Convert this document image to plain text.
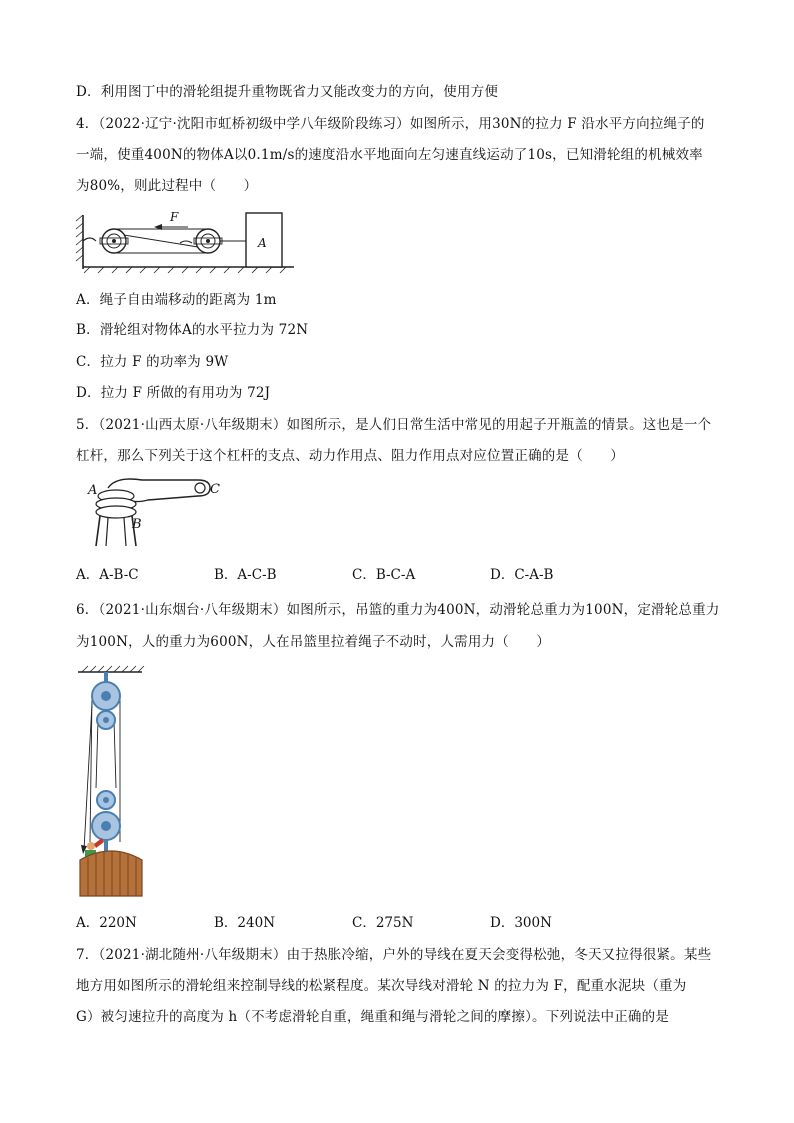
D．利用图丁中的滑轮组提升重物既省力又能改变力的方向，使用方便
4．（2022·辽宁·沈阳市虹桥初级中学八年级阶段练习）如图所示，用30N的拉力 F 沿水平方向拉绳子的
一端，使重400N的物体A以0.1m/s的速度沿水平地面向左匀速直线运动了10s，已知滑轮组的机械效率
为80%，则此过程中（　　）
F
A
A．绳子自由端移动的距离为 1m
B．滑轮组对物体A的水平拉力为 72N
C．拉力 F 的功率为 9W
D．拉力 F 所做的有用功为 72J
5．（2021·山西太原·八年级期末）如图所示，是人们日常生活中常见的用起子开瓶盖的情景。这也是一个
杠杆，那么下列关于这个杠杆的支点、动力作用点、阻力作用点对应位置正确的是（　　）
A
B
C
A．A-B-C	B．A-C-B	C．B-C-A	D．C-A-B
6．（2021·山东烟台·八年级期末）如图所示，吊篮的重力为400N，动滑轮总重力为100N，定滑轮总重力
为100N，人的重力为600N，人在吊篮里拉着绳子不动时，人需用力（　　）
A．220N	B．240N	C．275N	D．300N
7．（2021·湖北随州·八年级期末）由于热胀冷缩，户外的导线在夏天会变得松弛，冬天又拉得很紧。某些
地方用如图所示的滑轮组来控制导线的松紧程度。某次导线对滑轮 N 的拉力为 F，配重水泥块（重为
G）被匀速拉升的高度为 h（不考虑滑轮自重，绳重和绳与滑轮之间的摩擦）。下列说法中正确的是
